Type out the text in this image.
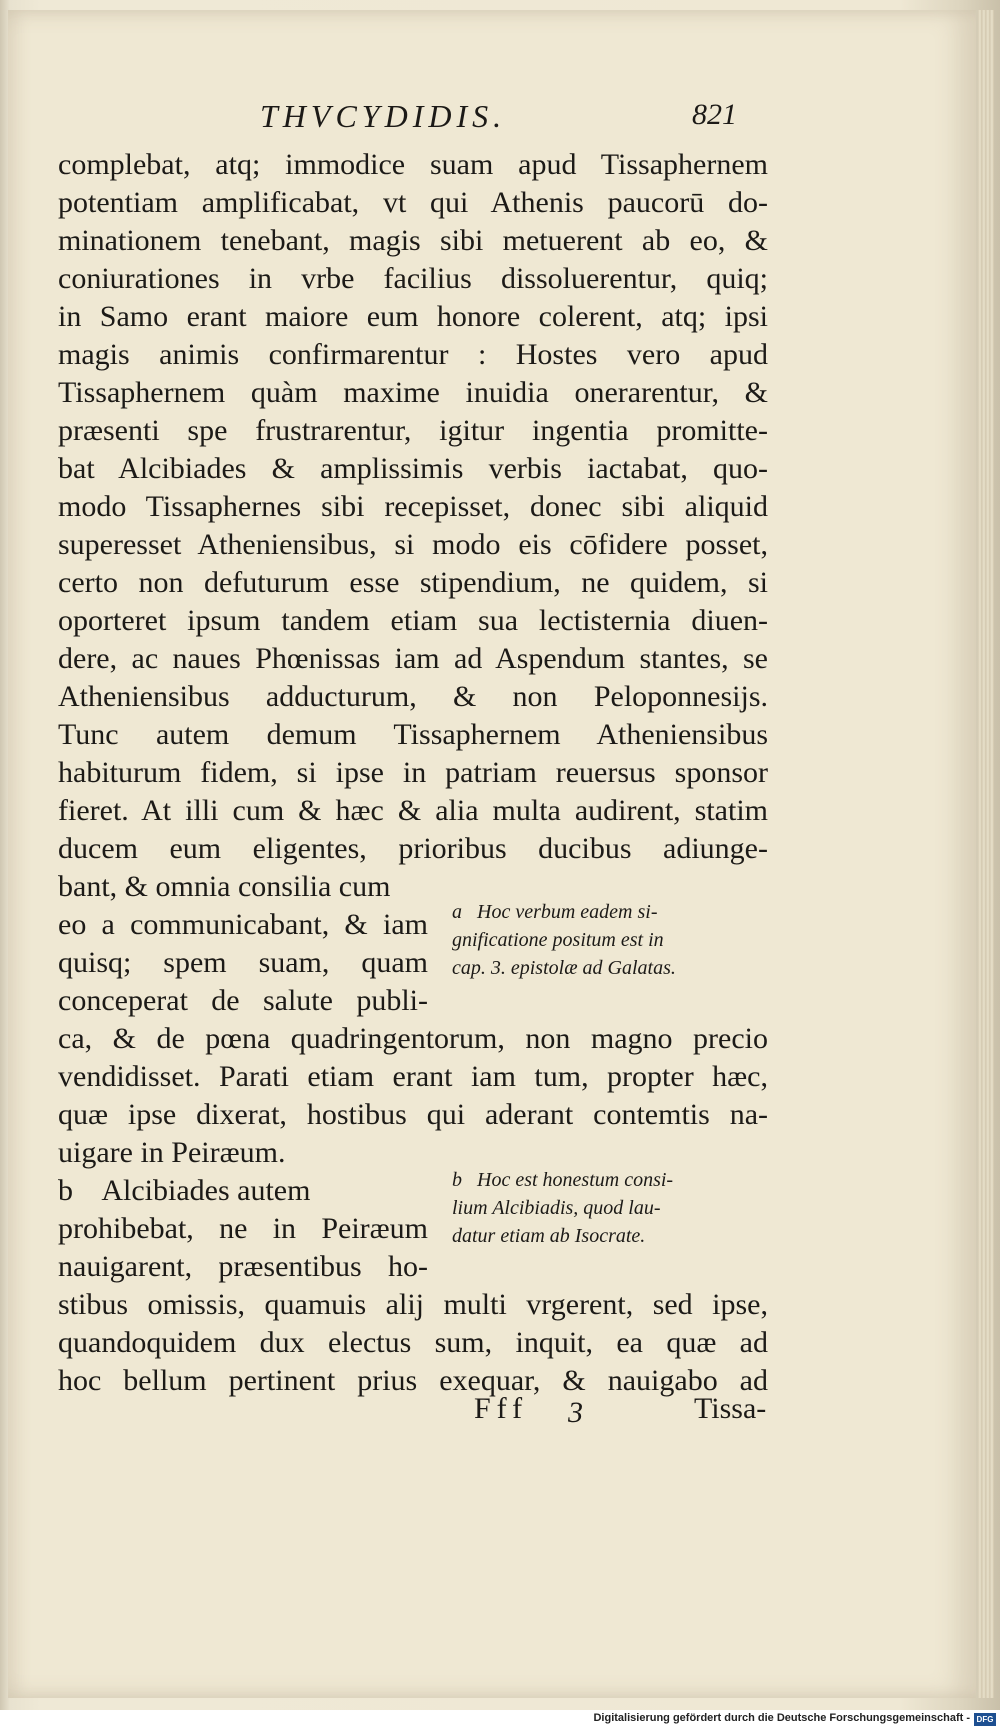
THVCYDIDIS.	821
complebat, atq; immodice suam apud Tissaphernem
potentiam amplificabat, vt qui Athenis paucorū do-
minationem tenebant, magis sibi metuerent ab eo, &
coniurationes in vrbe facilius dissoluerentur, quiq;
in Samo erant maiore eum honore colerent, atq; ipsi
magis animis confirmarentur : Hostes vero apud
Tissaphernem quàm maxime inuidia onerarentur, &
præsenti spe frustrarentur, igitur ingentia promitte-
bat Alcibiades & amplissimis verbis iactabat, quo-
modo Tissaphernes sibi recepisset, donec sibi aliquid
superesset Atheniensibus, si modo eis cōfidere posset,
certo non defuturum esse stipendium, ne quidem, si
oporteret ipsum tandem etiam sua lectisternia diuen-
dere, ac naues Phœnissas iam ad Aspendum stantes, se
Atheniensibus adducturum, & non Peloponnesijs.
Tunc autem demum Tissaphernem Atheniensibus
habiturum fidem, si ipse in patriam reuersus sponsor
fieret. At illi cum & hæc & alia multa audirent, statim
ducem eum eligentes, prioribus ducibus adiunge-
bant, & omnia consilia cum
eo a communicabant, & iam
quisq; spem suam, quam
conceperat de salute publi-
ca, & de pœna quadringentorum, non magno precio
vendidisset. Parati etiam erant iam tum, propter hæc,
quæ ipse dixerat, hostibus qui aderant contemtis na-
uigare in Peiræum.
b    Alcibiades autem
prohibebat, ne in Peiræum
nauigarent, præsentibus ho-
stibus omissis, quamuis alij multi vrgerent, sed ipse,
quandoquidem dux electus sum, inquit, ea quæ ad
hoc bellum pertinent prius exequar, & nauigabo ad
a   Hoc verbum eadem si-
gnificatione positum est in
cap. 3. epistolæ ad Galatas.
b   Hoc est honestum consi-
lium Alcibiadis, quod lau-
datur etiam ab Isocrate.
Fff 3	Tissa-
Digitalisierung gefördert durch die Deutsche Forschungsgemeinschaft - DFG
